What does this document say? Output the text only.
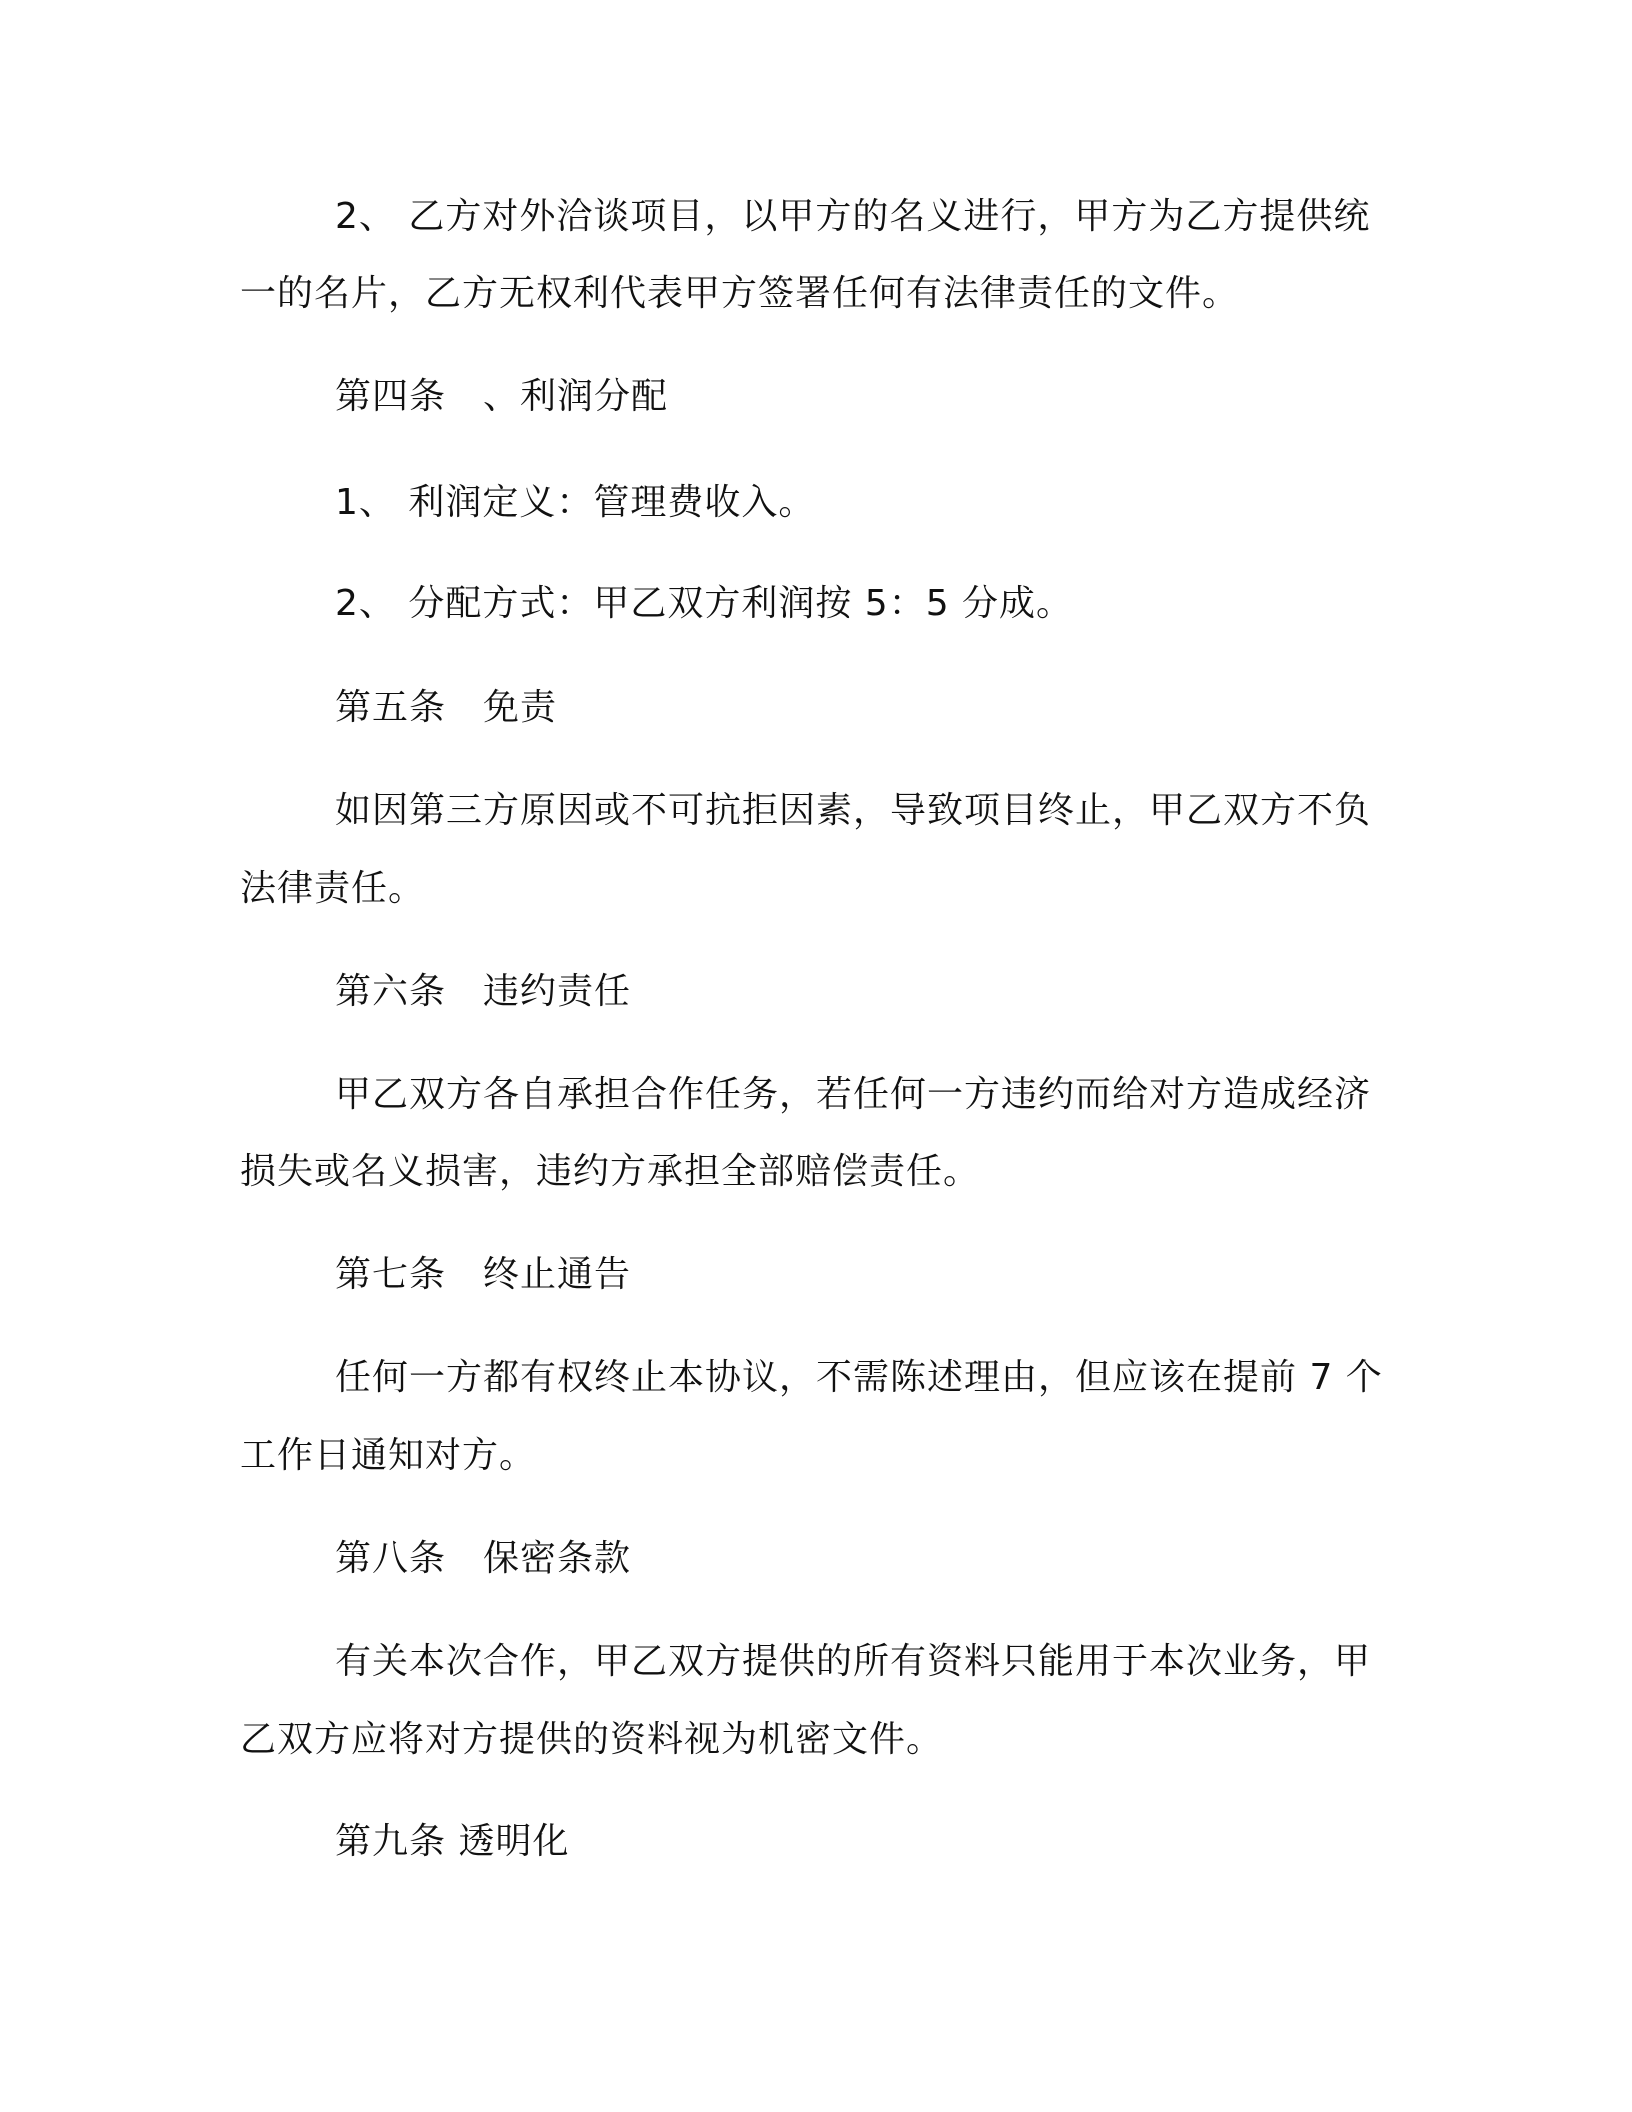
2、 乙方对外洽谈项目，以甲方的名义进行，甲方为乙方提供统
一的名片，乙方无权利代表甲方签署任何有法律责任的文件。
第四条　、利润分配
1、 利润定义：管理费收入。
2、 分配方式：甲乙双方利润按 5：5 分成。
第五条　免责
如因第三方原因或不可抗拒因素，导致项目终止，甲乙双方不负
法律责任。
第六条　违约责任
甲乙双方各自承担合作任务，若任何一方违约而给对方造成经济
损失或名义损害，违约方承担全部赔偿责任。
第七条　终止通告
任何一方都有权终止本协议，不需陈述理由，但应该在提前 7 个
工作日通知对方。
第八条　保密条款
有关本次合作，甲乙双方提供的所有资料只能用于本次业务，甲
乙双方应将对方提供的资料视为机密文件。
第九条 透明化
